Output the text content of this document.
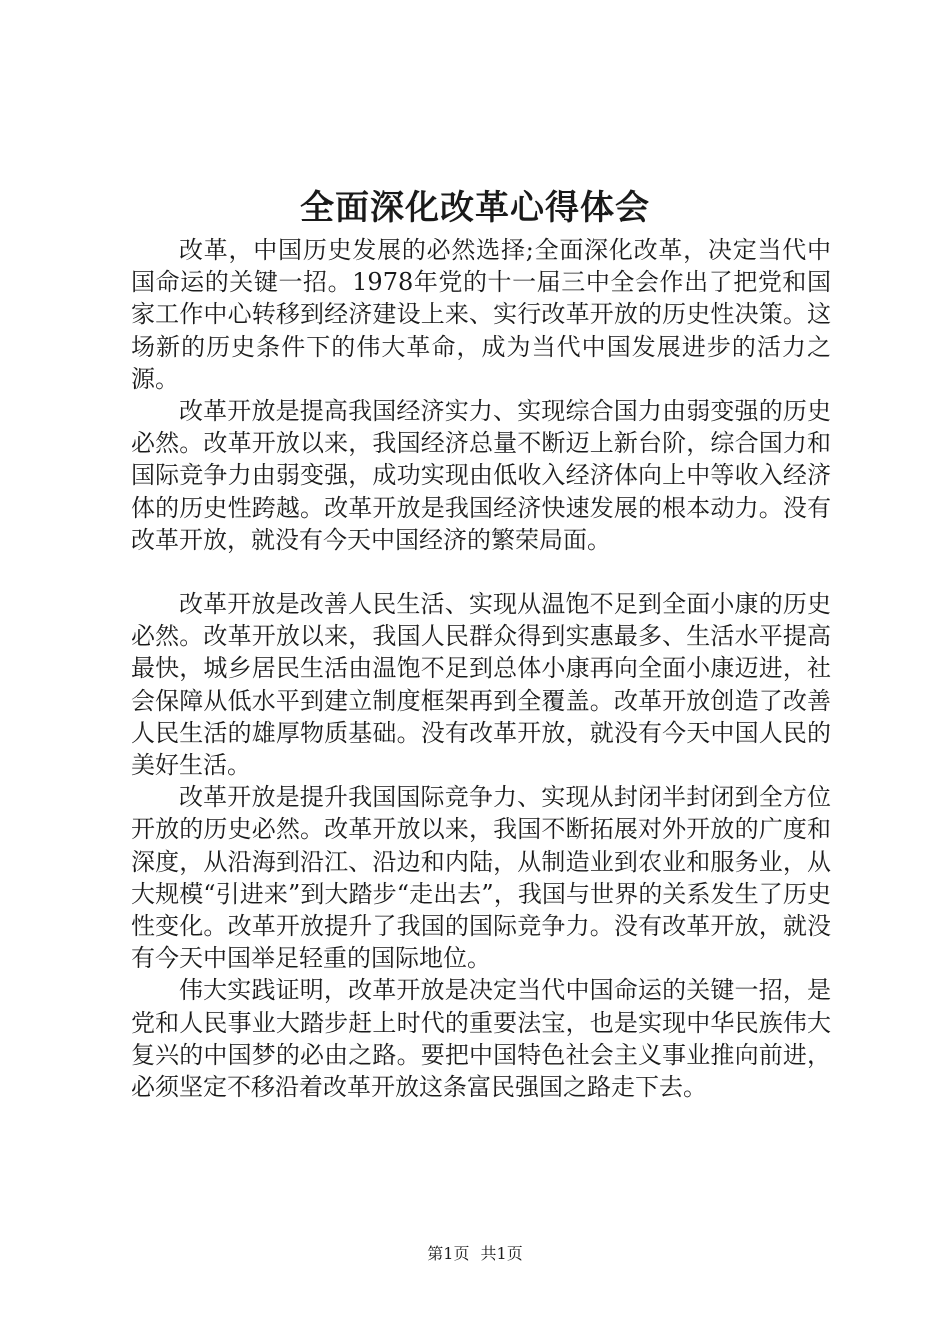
全面深化改革心得体会

改革，中国历史发展的必然选择;全面深化改革，决定当代中国命运的关键一招。1978年党的十一届三中全会作出了把党和国家工作中心转移到经济建设上来、实行改革开放的历史性决策。这场新的历史条件下的伟大革命，成为当代中国发展进步的活力之源。

改革开放是提高我国经济实力、实现综合国力由弱变强的历史必然。改革开放以来，我国经济总量不断迈上新台阶，综合国力和国际竞争力由弱变强，成功实现由低收入经济体向上中等收入经济体的历史性跨越。改革开放是我国经济快速发展的根本动力。没有改革开放，就没有今天中国经济的繁荣局面。

改革开放是改善人民生活、实现从温饱不足到全面小康的历史必然。改革开放以来，我国人民群众得到实惠最多、生活水平提高最快，城乡居民生活由温饱不足到总体小康再向全面小康迈进，社会保障从低水平到建立制度框架再到全覆盖。改革开放创造了改善人民生活的雄厚物质基础。没有改革开放，就没有今天中国人民的美好生活。

改革开放是提升我国国际竞争力、实现从封闭半封闭到全方位开放的历史必然。改革开放以来，我国不断拓展对外开放的广度和深度，从沿海到沿江、沿边和内陆，从制造业到农业和服务业，从大规模“引进来”到大踏步“走出去”，我国与世界的关系发生了历史性变化。改革开放提升了我国的国际竞争力。没有改革开放，就没有今天中国举足轻重的国际地位。

伟大实践证明，改革开放是决定当代中国命运的关键一招，是党和人民事业大踏步赶上时代的重要法宝，也是实现中华民族伟大复兴的中国梦的必由之路。要把中国特色社会主义事业推向前进，必须坚定不移沿着改革开放这条富民强国之路走下去。

第1页 共1页
